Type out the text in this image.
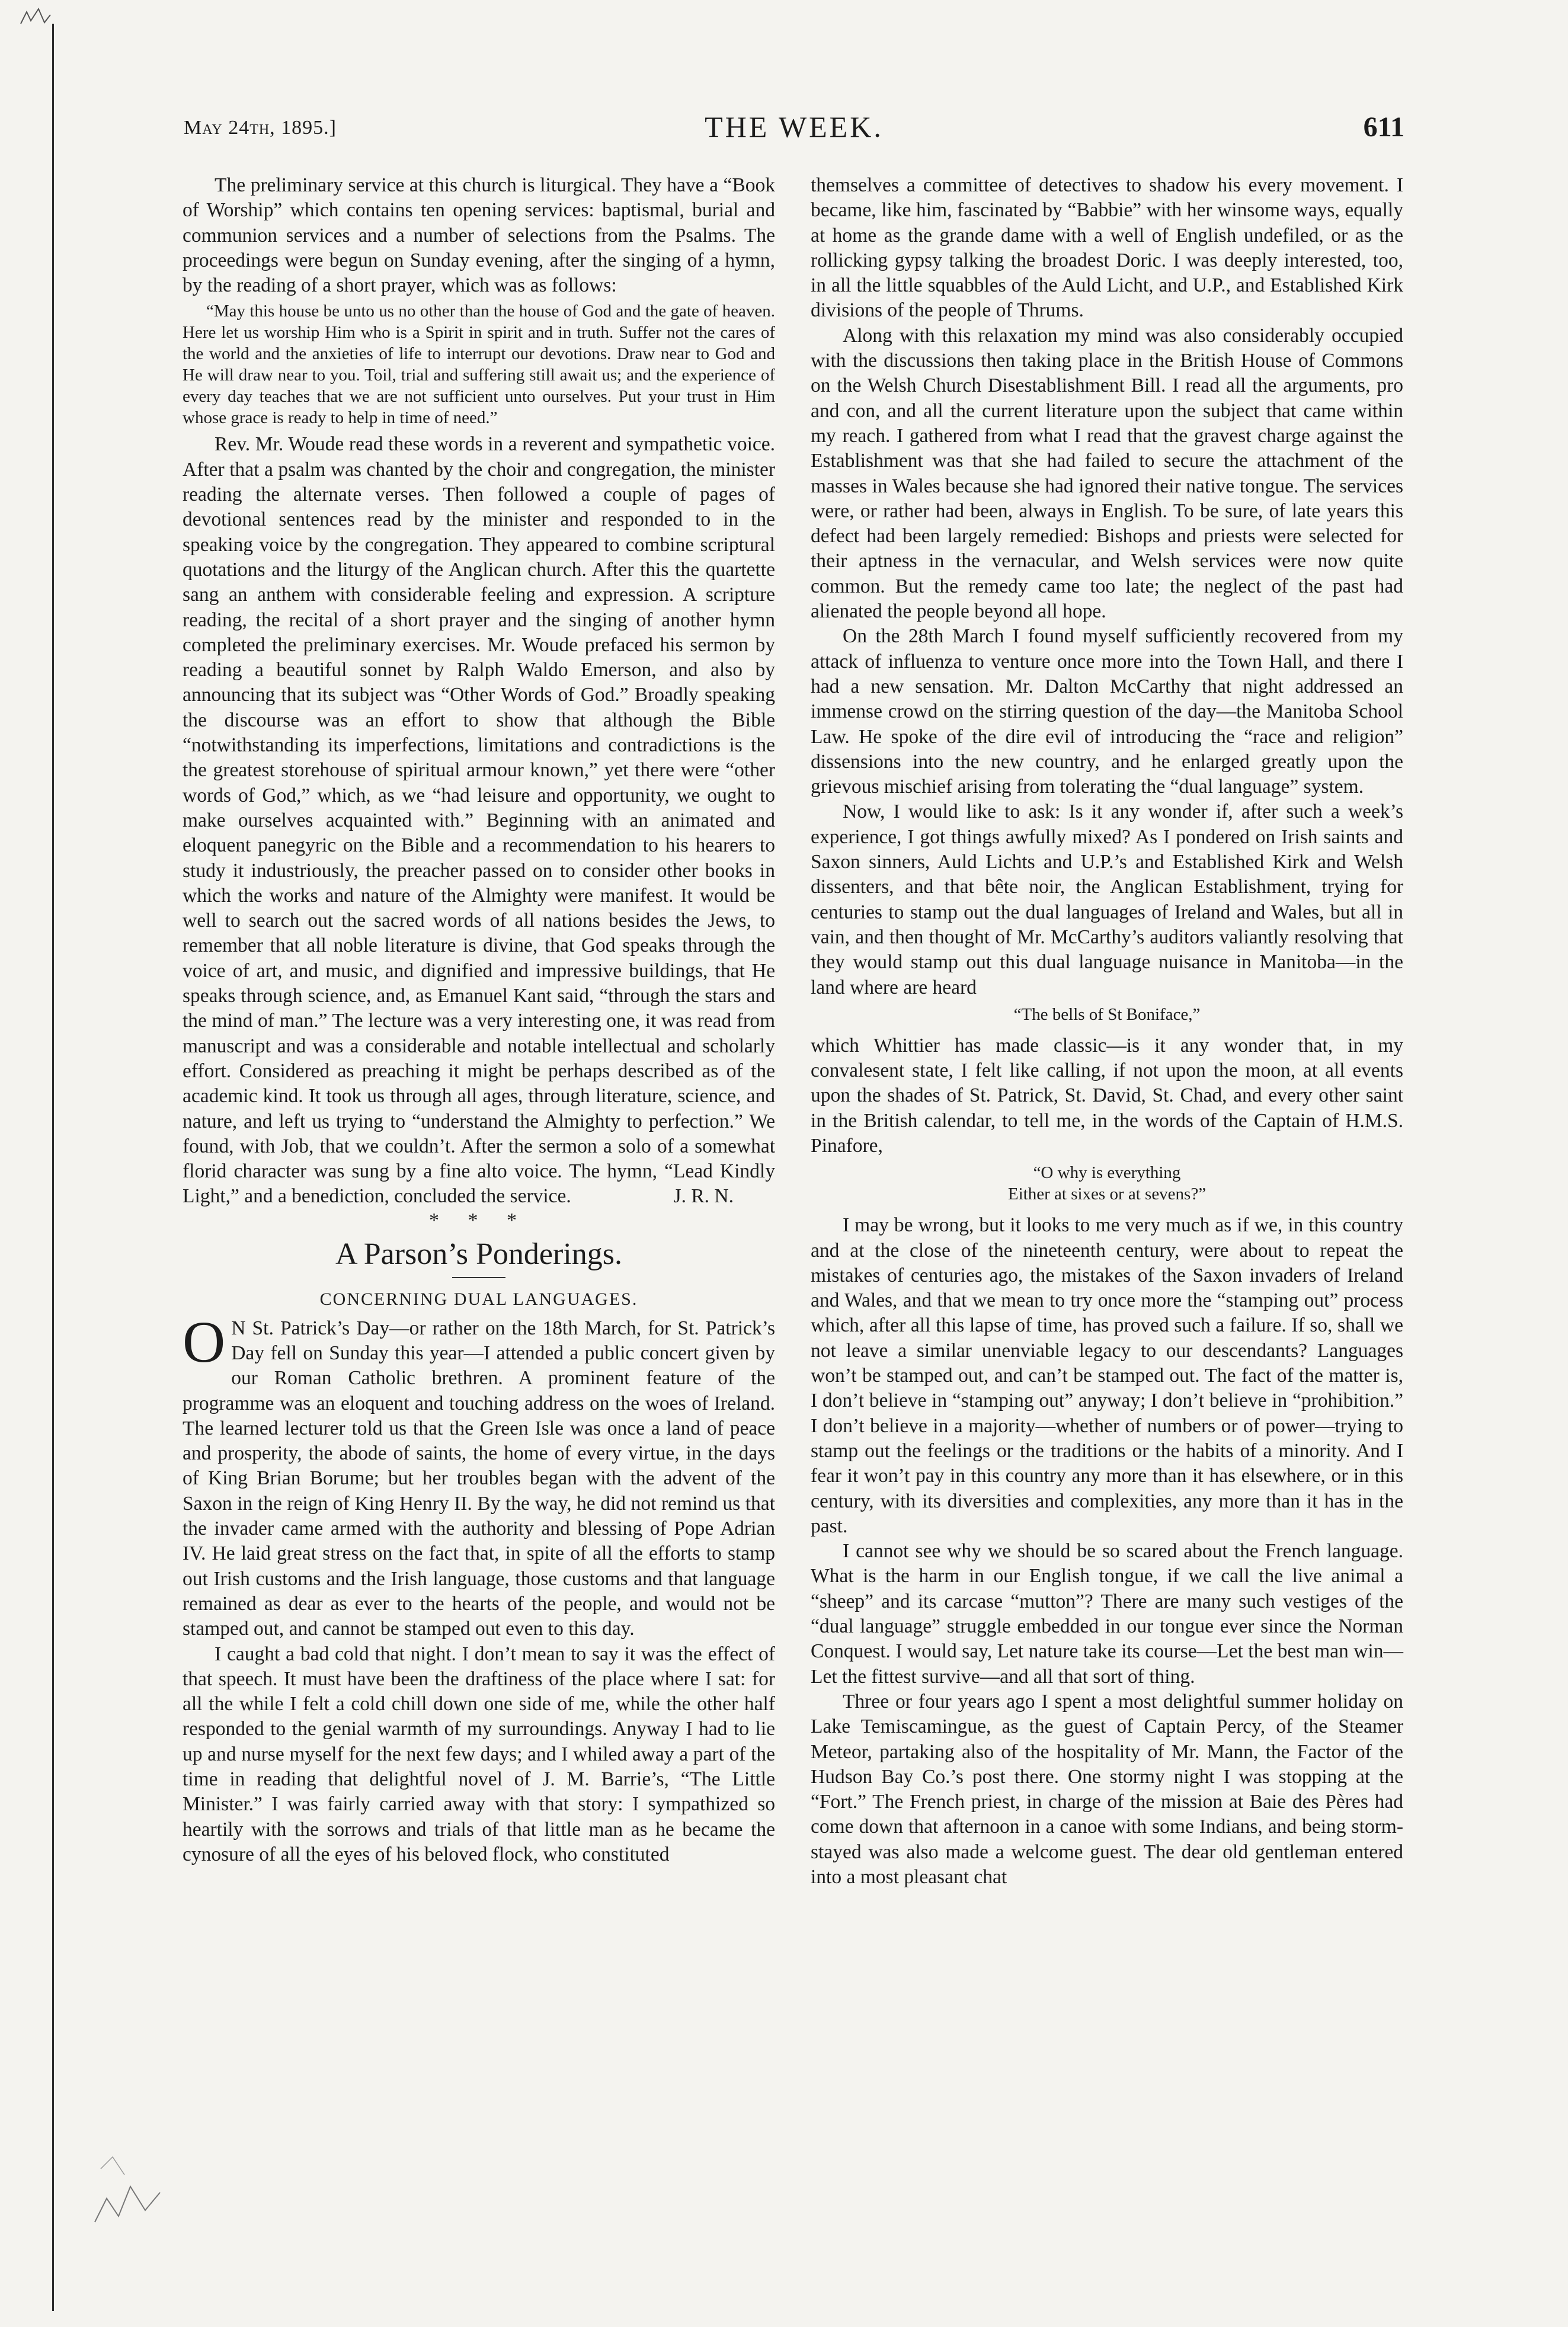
May 24th, 1895.]	THE WEEK.	611

The preliminary service at this church is liturgical. They have a “Book of Worship” which contains ten opening services: baptismal, burial and communion services and a number of selections from the Psalms. The proceedings were begun on Sunday evening, after the singing of a hymn, by the reading of a short prayer, which was as follows:

“May this house be unto us no other than the house of God and the gate of heaven. Here let us worship Him who is a Spirit in spirit and in truth. Suffer not the cares of the world and the anxieties of life to interrupt our devotions. Draw near to God and He will draw near to you. Toil, trial and suffering still await us; and the experience of every day teaches that we are not sufficient unto ourselves. Put your trust in Him whose grace is ready to help in time of need.”

Rev. Mr. Woude read these words in a reverent and sympathetic voice. After that a psalm was chanted by the choir and congregation, the minister reading the alternate verses. Then followed a couple of pages of devotional sentences read by the minister and responded to in the speaking voice by the congregation. They appeared to combine scriptural quotations and the liturgy of the Anglican church. After this the quartette sang an anthem with considerable feeling and expression. A scripture reading, the recital of a short prayer and the singing of another hymn completed the preliminary exercises. Mr. Woude prefaced his sermon by reading a beautiful sonnet by Ralph Waldo Emerson, and also by announcing that its subject was “Other Words of God.” Broadly speaking the discourse was an effort to show that although the Bible “notwithstanding its imperfections, limitations and contradictions is the the greatest storehouse of spiritual armour known,” yet there were “other words of God,” which, as we “had leisure and opportunity, we ought to make ourselves acquainted with.” Beginning with an animated and eloquent panegyric on the Bible and a recommendation to his hearers to study it industriously, the preacher passed on to consider other books in which the works and nature of the Almighty were manifest. It would be well to search out the sacred words of all nations besides the Jews, to remember that all noble literature is divine, that God speaks through the voice of art, and music, and dignified and impressive buildings, that He speaks through science, and, as Emanuel Kant said, “through the stars and the mind of man.” The lecture was a very interesting one, it was read from manuscript and was a considerable and notable intellectual and scholarly effort. Considered as preaching it might be perhaps described as of the academic kind. It took us through all ages, through literature, science, and nature, and left us trying to “understand the Almighty to perfection.” We found, with Job, that we couldn’t. After the sermon a solo of a somewhat florid character was sung by a fine alto voice. The hymn, “Lead Kindly Light,” and a benediction, concluded the service.	J. R. N.

* * *
A Parson’s Ponderings.
CONCERNING DUAL LANGUAGES.

O N St. Patrick’s Day—or rather on the 18th March, for St. Patrick’s Day fell on Sunday this year—I attended a public concert given by our Roman Catholic brethren. A prominent feature of the programme was an eloquent and touching address on the woes of Ireland. The learned lecturer told us that the Green Isle was once a land of peace and prosperity, the abode of saints, the home of every virtue, in the days of King Brian Borume; but her troubles began with the advent of the Saxon in the reign of King Henry II. By the way, he did not remind us that the invader came armed with the authority and blessing of Pope Adrian IV. He laid great stress on the fact that, in spite of all the efforts to stamp out Irish customs and the Irish language, those customs and that language remained as dear as ever to the hearts of the people, and would not be stamped out, and cannot be stamped out even to this day.

I caught a bad cold that night. I don’t mean to say it was the effect of that speech. It must have been the draftiness of the place where I sat: for all the while I felt a cold chill down one side of me, while the other half responded to the genial warmth of my surroundings. Anyway I had to lie up and nurse myself for the next few days; and I whiled away a part of the time in reading that delightful novel of J. M. Barrie’s, “The Little Minister.” I was fairly carried away with that story: I sympathized so heartily with the sorrows and trials of that little man as he became the cynosure of all the eyes of his beloved flock, who constituted

themselves a committee of detectives to shadow his every movement. I became, like him, fascinated by “Babbie” with her winsome ways, equally at home as the grande dame with a well of English undefiled, or as the rollicking gypsy talking the broadest Doric. I was deeply interested, too, in all the little squabbles of the Auld Licht, and U.P., and Established Kirk divisions of the people of Thrums.

Along with this relaxation my mind was also considerably occupied with the discussions then taking place in the British House of Commons on the Welsh Church Disestablishment Bill. I read all the arguments, pro and con, and all the current literature upon the subject that came within my reach. I gathered from what I read that the gravest charge against the Establishment was that she had failed to secure the attachment of the masses in Wales because she had ignored their native tongue. The services were, or rather had been, always in English. To be sure, of late years this defect had been largely remedied: Bishops and priests were selected for their aptness in the vernacular, and Welsh services were now quite common. But the remedy came too late; the neglect of the past had alienated the people beyond all hope.

On the 28th March I found myself sufficiently recovered from my attack of influenza to venture once more into the Town Hall, and there I had a new sensation. Mr. Dalton McCarthy that night addressed an immense crowd on the stirring question of the day—the Manitoba School Law. He spoke of the dire evil of introducing the “race and religion” dissensions into the new country, and he enlarged greatly upon the grievous mischief arising from tolerating the “dual language” system.

Now, I would like to ask: Is it any wonder if, after such a week’s experience, I got things awfully mixed? As I pondered on Irish saints and Saxon sinners, Auld Lichts and U.P.’s and Established Kirk and Welsh dissenters, and that bête noir, the Anglican Establishment, trying for centuries to stamp out the dual languages of Ireland and Wales, but all in vain, and then thought of Mr. McCarthy’s auditors valiantly resolving that they would stamp out this dual language nuisance in Manitoba—in the land where are heard

“The bells of St Boniface,”

which Whittier has made classic—is it any wonder that, in my convalesent state, I felt like calling, if not upon the moon, at all events upon the shades of St. Patrick, St. David, St. Chad, and every other saint in the British calendar, to tell me, in the words of the Captain of H.M.S. Pinafore,

“O why is everything
Either at sixes or at sevens?”

I may be wrong, but it looks to me very much as if we, in this country and at the close of the nineteenth century, were about to repeat the mistakes of centuries ago, the mistakes of the Saxon invaders of Ireland and Wales, and that we mean to try once more the “stamping out” process which, after all this lapse of time, has proved such a failure. If so, shall we not leave a similar unenviable legacy to our descendants? Languages won’t be stamped out, and can’t be stamped out. The fact of the matter is, I don’t believe in “stamping out” anyway; I don’t believe in “prohibition.” I don’t believe in a majority—whether of numbers or of power—trying to stamp out the feelings or the traditions or the habits of a minority. And I fear it won’t pay in this country any more than it has elsewhere, or in this century, with its diversities and complexities, any more than it has in the past.

I cannot see why we should be so scared about the French language. What is the harm in our English tongue, if we call the live animal a “sheep” and its carcase “mutton”? There are many such vestiges of the “dual language” struggle embedded in our tongue ever since the Norman Conquest. I would say, Let nature take its course—Let the best man win—Let the fittest survive—and all that sort of thing.

Three or four years ago I spent a most delightful summer holiday on Lake Temiscamingue, as the guest of Captain Percy, of the Steamer Meteor, partaking also of the hospitality of Mr. Mann, the Factor of the Hudson Bay Co.’s post there. One stormy night I was stopping at the “Fort.” The French priest, in charge of the mission at Baie des Pères had come down that afternoon in a canoe with some Indians, and being storm-stayed was also made a welcome guest. The dear old gentleman entered into a most pleasant chat
